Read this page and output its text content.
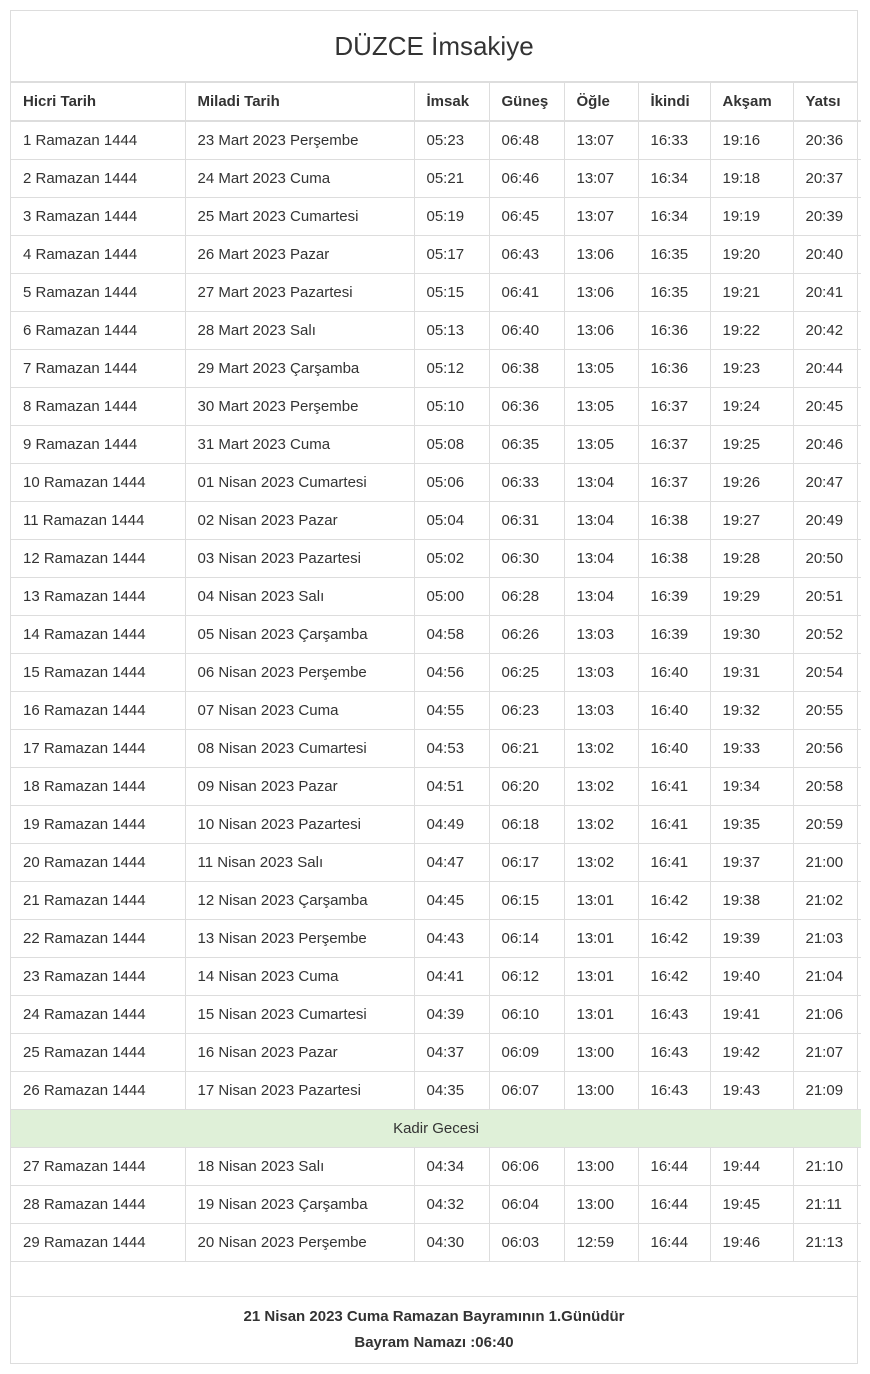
DÜZCE İmsakiye
Hicri Tarih	Miladi Tarih	İmsak	Güneş	Öğle	İkindi	Akşam	Yatsı
1 Ramazan 1444	23 Mart 2023 Perşembe	05:23	06:48	13:07	16:33	19:16	20:36
2 Ramazan 1444	24 Mart 2023 Cuma	05:21	06:46	13:07	16:34	19:18	20:37
3 Ramazan 1444	25 Mart 2023 Cumartesi	05:19	06:45	13:07	16:34	19:19	20:39
4 Ramazan 1444	26 Mart 2023 Pazar	05:17	06:43	13:06	16:35	19:20	20:40
5 Ramazan 1444	27 Mart 2023 Pazartesi	05:15	06:41	13:06	16:35	19:21	20:41
6 Ramazan 1444	28 Mart 2023 Salı	05:13	06:40	13:06	16:36	19:22	20:42
7 Ramazan 1444	29 Mart 2023 Çarşamba	05:12	06:38	13:05	16:36	19:23	20:44
8 Ramazan 1444	30 Mart 2023 Perşembe	05:10	06:36	13:05	16:37	19:24	20:45
9 Ramazan 1444	31 Mart 2023 Cuma	05:08	06:35	13:05	16:37	19:25	20:46
10 Ramazan 1444	01 Nisan 2023 Cumartesi	05:06	06:33	13:04	16:37	19:26	20:47
11 Ramazan 1444	02 Nisan 2023 Pazar	05:04	06:31	13:04	16:38	19:27	20:49
12 Ramazan 1444	03 Nisan 2023 Pazartesi	05:02	06:30	13:04	16:38	19:28	20:50
13 Ramazan 1444	04 Nisan 2023 Salı	05:00	06:28	13:04	16:39	19:29	20:51
14 Ramazan 1444	05 Nisan 2023 Çarşamba	04:58	06:26	13:03	16:39	19:30	20:52
15 Ramazan 1444	06 Nisan 2023 Perşembe	04:56	06:25	13:03	16:40	19:31	20:54
16 Ramazan 1444	07 Nisan 2023 Cuma	04:55	06:23	13:03	16:40	19:32	20:55
17 Ramazan 1444	08 Nisan 2023 Cumartesi	04:53	06:21	13:02	16:40	19:33	20:56
18 Ramazan 1444	09 Nisan 2023 Pazar	04:51	06:20	13:02	16:41	19:34	20:58
19 Ramazan 1444	10 Nisan 2023 Pazartesi	04:49	06:18	13:02	16:41	19:35	20:59
20 Ramazan 1444	11 Nisan 2023 Salı	04:47	06:17	13:02	16:41	19:37	21:00
21 Ramazan 1444	12 Nisan 2023 Çarşamba	04:45	06:15	13:01	16:42	19:38	21:02
22 Ramazan 1444	13 Nisan 2023 Perşembe	04:43	06:14	13:01	16:42	19:39	21:03
23 Ramazan 1444	14 Nisan 2023 Cuma	04:41	06:12	13:01	16:42	19:40	21:04
24 Ramazan 1444	15 Nisan 2023 Cumartesi	04:39	06:10	13:01	16:43	19:41	21:06
25 Ramazan 1444	16 Nisan 2023 Pazar	04:37	06:09	13:00	16:43	19:42	21:07
26 Ramazan 1444	17 Nisan 2023 Pazartesi	04:35	06:07	13:00	16:43	19:43	21:09
Kadir Gecesi							
27 Ramazan 1444	18 Nisan 2023 Salı	04:34	06:06	13:00	16:44	19:44	21:10
28 Ramazan 1444	19 Nisan 2023 Çarşamba	04:32	06:04	13:00	16:44	19:45	21:11
29 Ramazan 1444	20 Nisan 2023 Perşembe	04:30	06:03	12:59	16:44	19:46	21:13

21 Nisan 2023 Cuma Ramazan Bayramının 1.Günüdür

Bayram Namazı :06:40
